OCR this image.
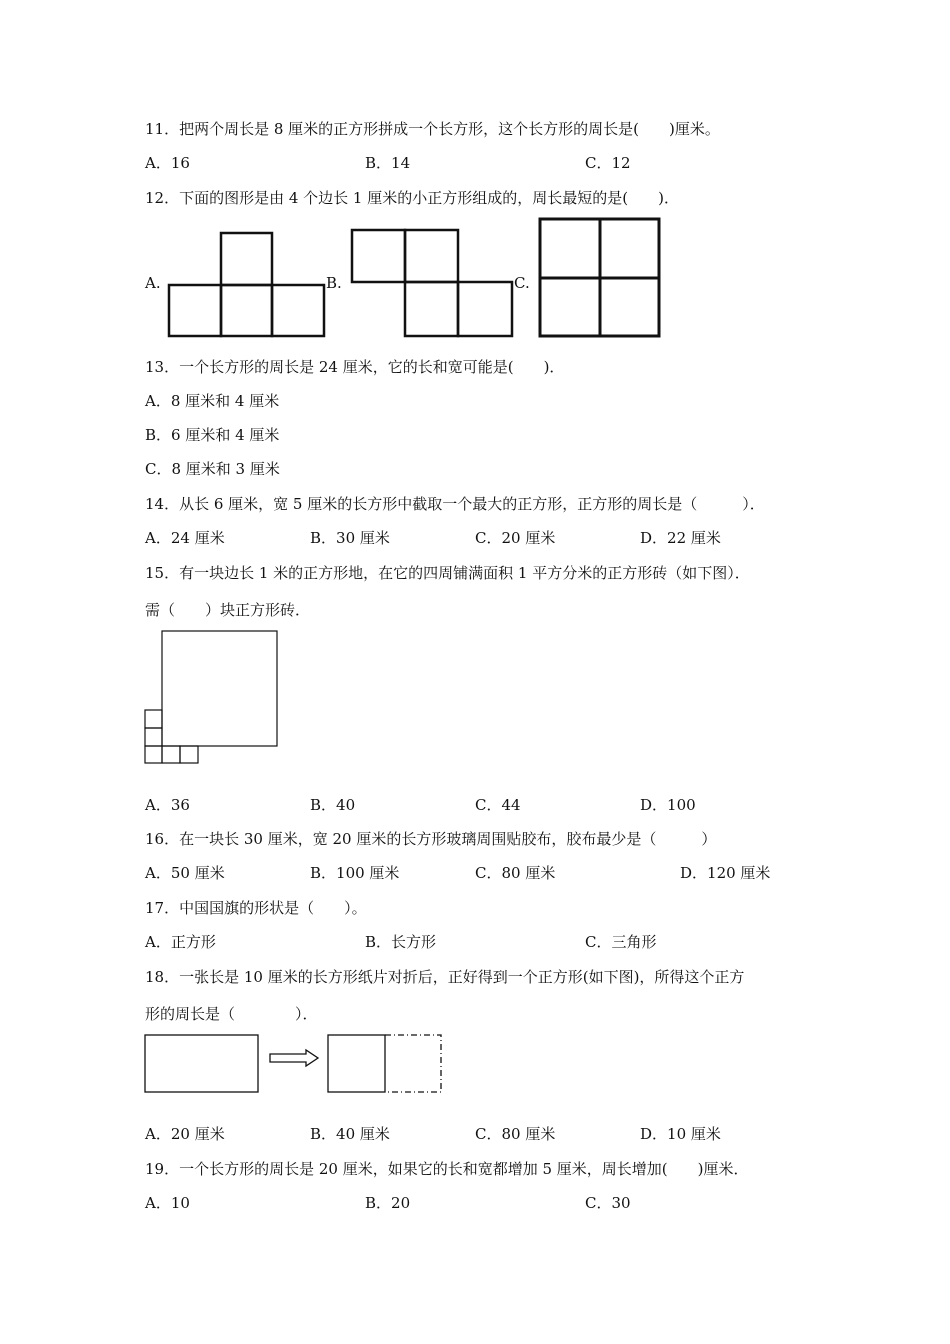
11．把两个周长是 8 厘米的正方形拼成一个长方形，这个长方形的周长是(　　)厘米。
A．16	B．14	C．12
12．下面的图形是由 4 个边长 1 厘米的小正方形组成的，周长最短的是(　　)．
A.	B.	C.
13．一个长方形的周长是 24 厘米，它的长和宽可能是(　　)．
A．8 厘米和 4 厘米
B．6 厘米和 4 厘米
C．8 厘米和 3 厘米
14．从长 6 厘米，宽 5 厘米的长方形中截取一个最大的正方形，正方形的周长是（　　　）．
A．24 厘米	B．30 厘米	C．20 厘米	D．22 厘米
15．有一块边长 1 米的正方形地，在它的四周铺满面积 1 平方分米的正方形砖（如下图）．
需（　　）块正方形砖．
A．36	B．40	C．44	D．100
16．在一块长 30 厘米，宽 20 厘米的长方形玻璃周围贴胶布，胶布最少是（　　　）
A．50 厘米	B．100 厘米	C．80 厘米	D．120 厘米
17．中国国旗的形状是（　　）。
A．正方形	B．长方形	C．三角形
18．一张长是 10 厘米的长方形纸片对折后，正好得到一个正方形(如下图)，所得这个正方
形的周长是（　　　　）．
A．20 厘米	B．40 厘米	C．80 厘米	D．10 厘米
19．一个长方形的周长是 20 厘米，如果它的长和宽都增加 5 厘米，周长增加(　　)厘米．
A．10	B．20	C．30
